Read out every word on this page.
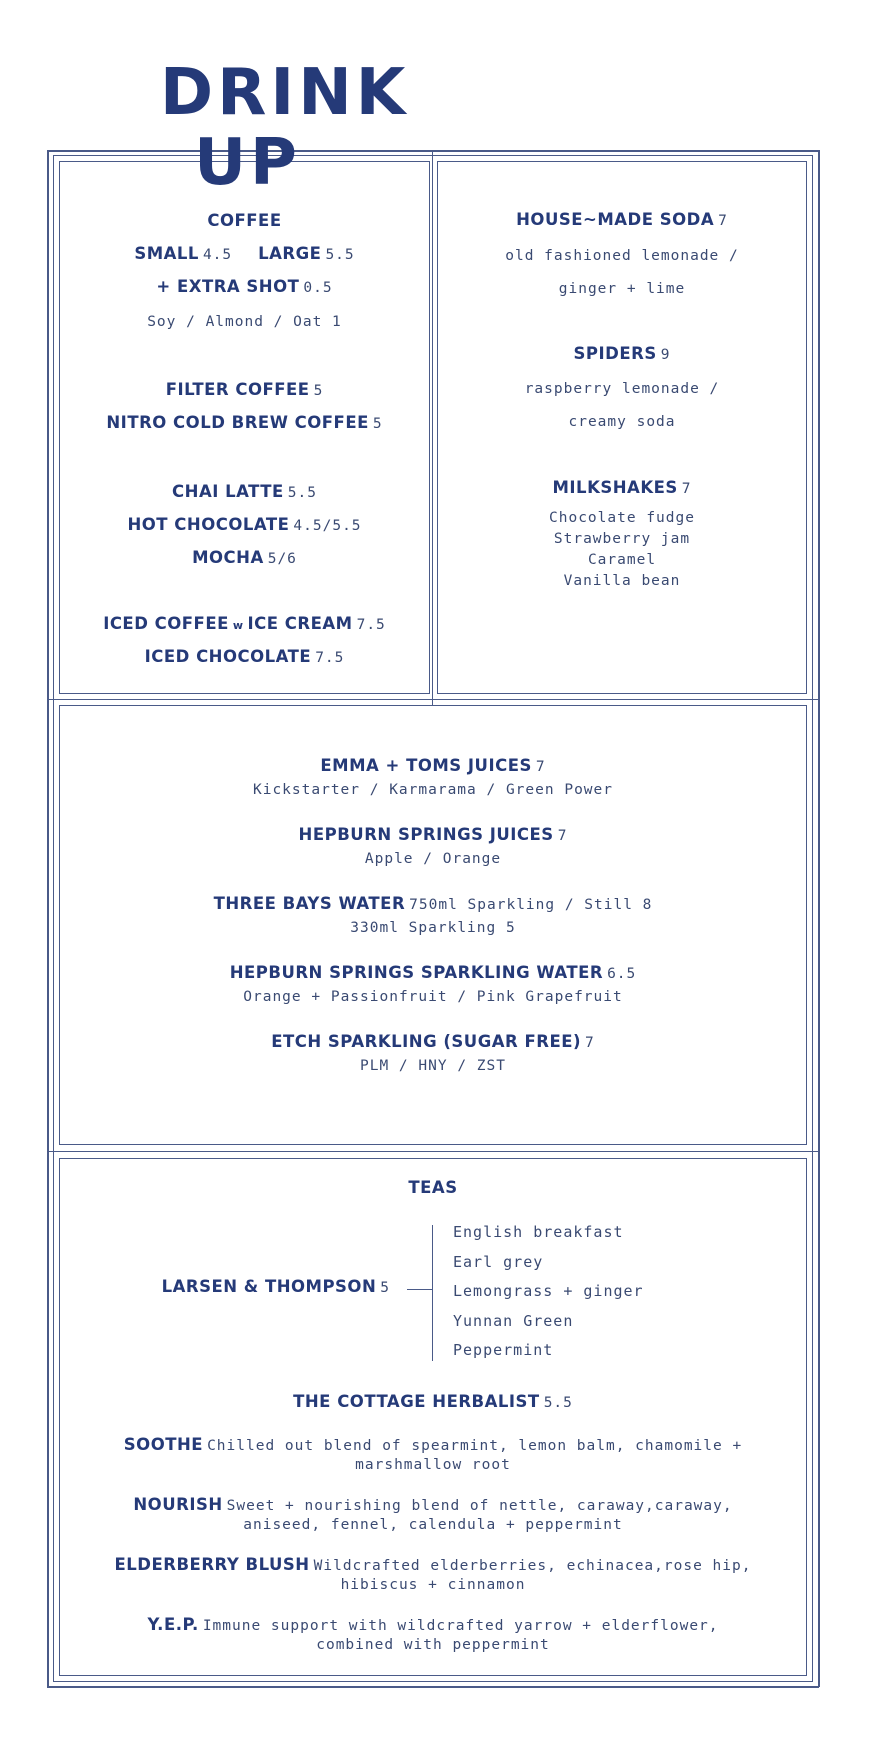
DRINK
UP
COFFEE
SMALL 4.5 LARGE 5.5
+ EXTRA SHOT 0.5
Soy / Almond / Oat 1
FILTER COFFEE 5
NITRO COLD BREW COFFEE 5
CHAI LATTE 5.5
HOT CHOCOLATE 4.5/5.5
MOCHA 5/6
ICED COFFEE w ICE CREAM 7.5
ICED CHOCOLATE 7.5
HOUSE~MADE SODA 7
old fashioned lemonade /
ginger + lime
SPIDERS 9
raspberry lemonade /
creamy soda
MILKSHAKES 7
Chocolate fudge
Strawberry jam
Caramel
Vanilla bean
EMMA + TOMS JUICES 7
Kickstarter / Karmarama / Green Power
HEPBURN SPRINGS JUICES 7
Apple / Orange
THREE BAYS WATER 750ml Sparkling / Still 8
330ml Sparkling 5
HEPBURN SPRINGS SPARKLING WATER 6.5
Orange + Passionfruit / Pink Grapefruit
ETCH SPARKLING (SUGAR FREE) 7
PLM / HNY / ZST
TEAS
LARSEN & THOMPSON 5
English breakfast
Earl grey
Lemongrass + ginger
Yunnan Green
Peppermint
THE COTTAGE HERBALIST 5.5
SOOTHE Chilled out blend of spearmint, lemon balm, chamomile +
marshmallow root
NOURISH Sweet + nourishing blend of nettle, caraway,caraway,
aniseed, fennel, calendula + peppermint
ELDERBERRY BLUSH Wildcrafted elderberries, echinacea,rose hip,
hibiscus + cinnamon
Y.E.P. Immune support with wildcrafted yarrow + elderflower,
combined with peppermint
